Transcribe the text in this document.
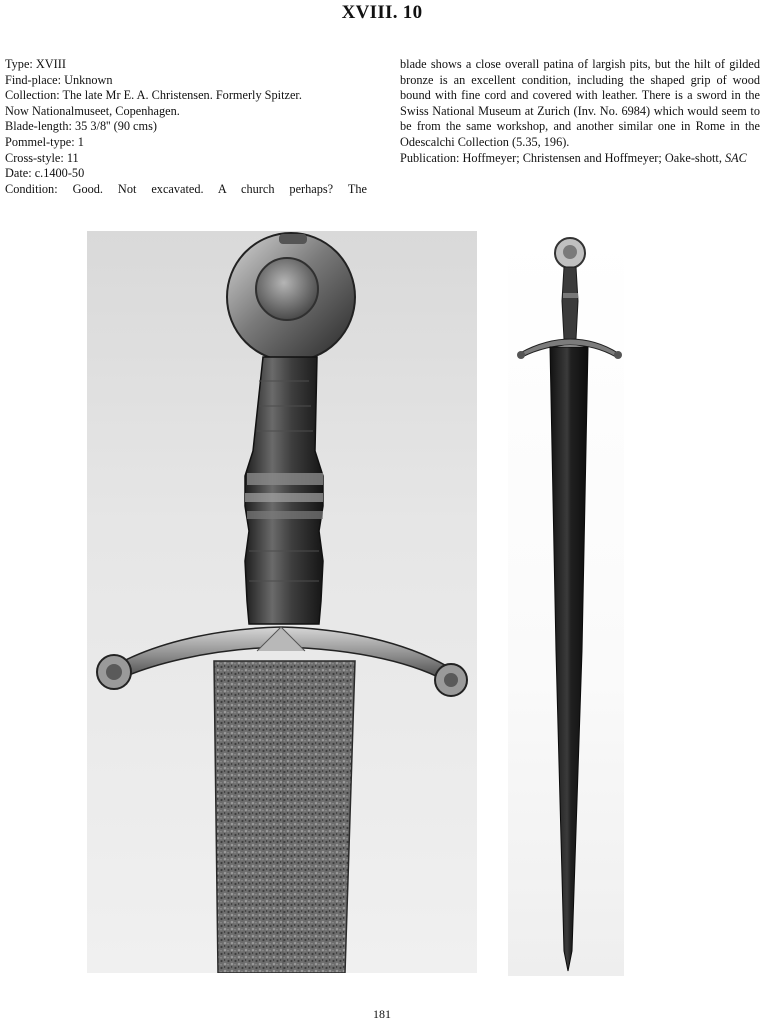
XVIII. 10

Type: XVIII

Find-place: Unknown

Collection: The late Mr E. A. Christensen. Formerly Spitzer.

Now Nationalmuseet, Copenhagen.

Blade-length: 35 3/8'' (90 cms)

Pommel-type: 1

Cross-style: 11

Date: c.1400-50

Condition: Good. Not excavated. A church perhaps? The

blade shows a close overall patina of largish pits, but the hilt of gilded bronze is an excellent condition, including the shaped grip of wood bound with fine cord and covered with leather. There is a sword in the Swiss National Museum at Zurich (Inv. No. 6984) which would seem to be from the same workshop, and another similar one in Rome in the Odescalchi Collection (5.35, 196).

Publication: Hoffmeyer; Christensen and Hoffmeyer; Oake-shott, SAC

181
